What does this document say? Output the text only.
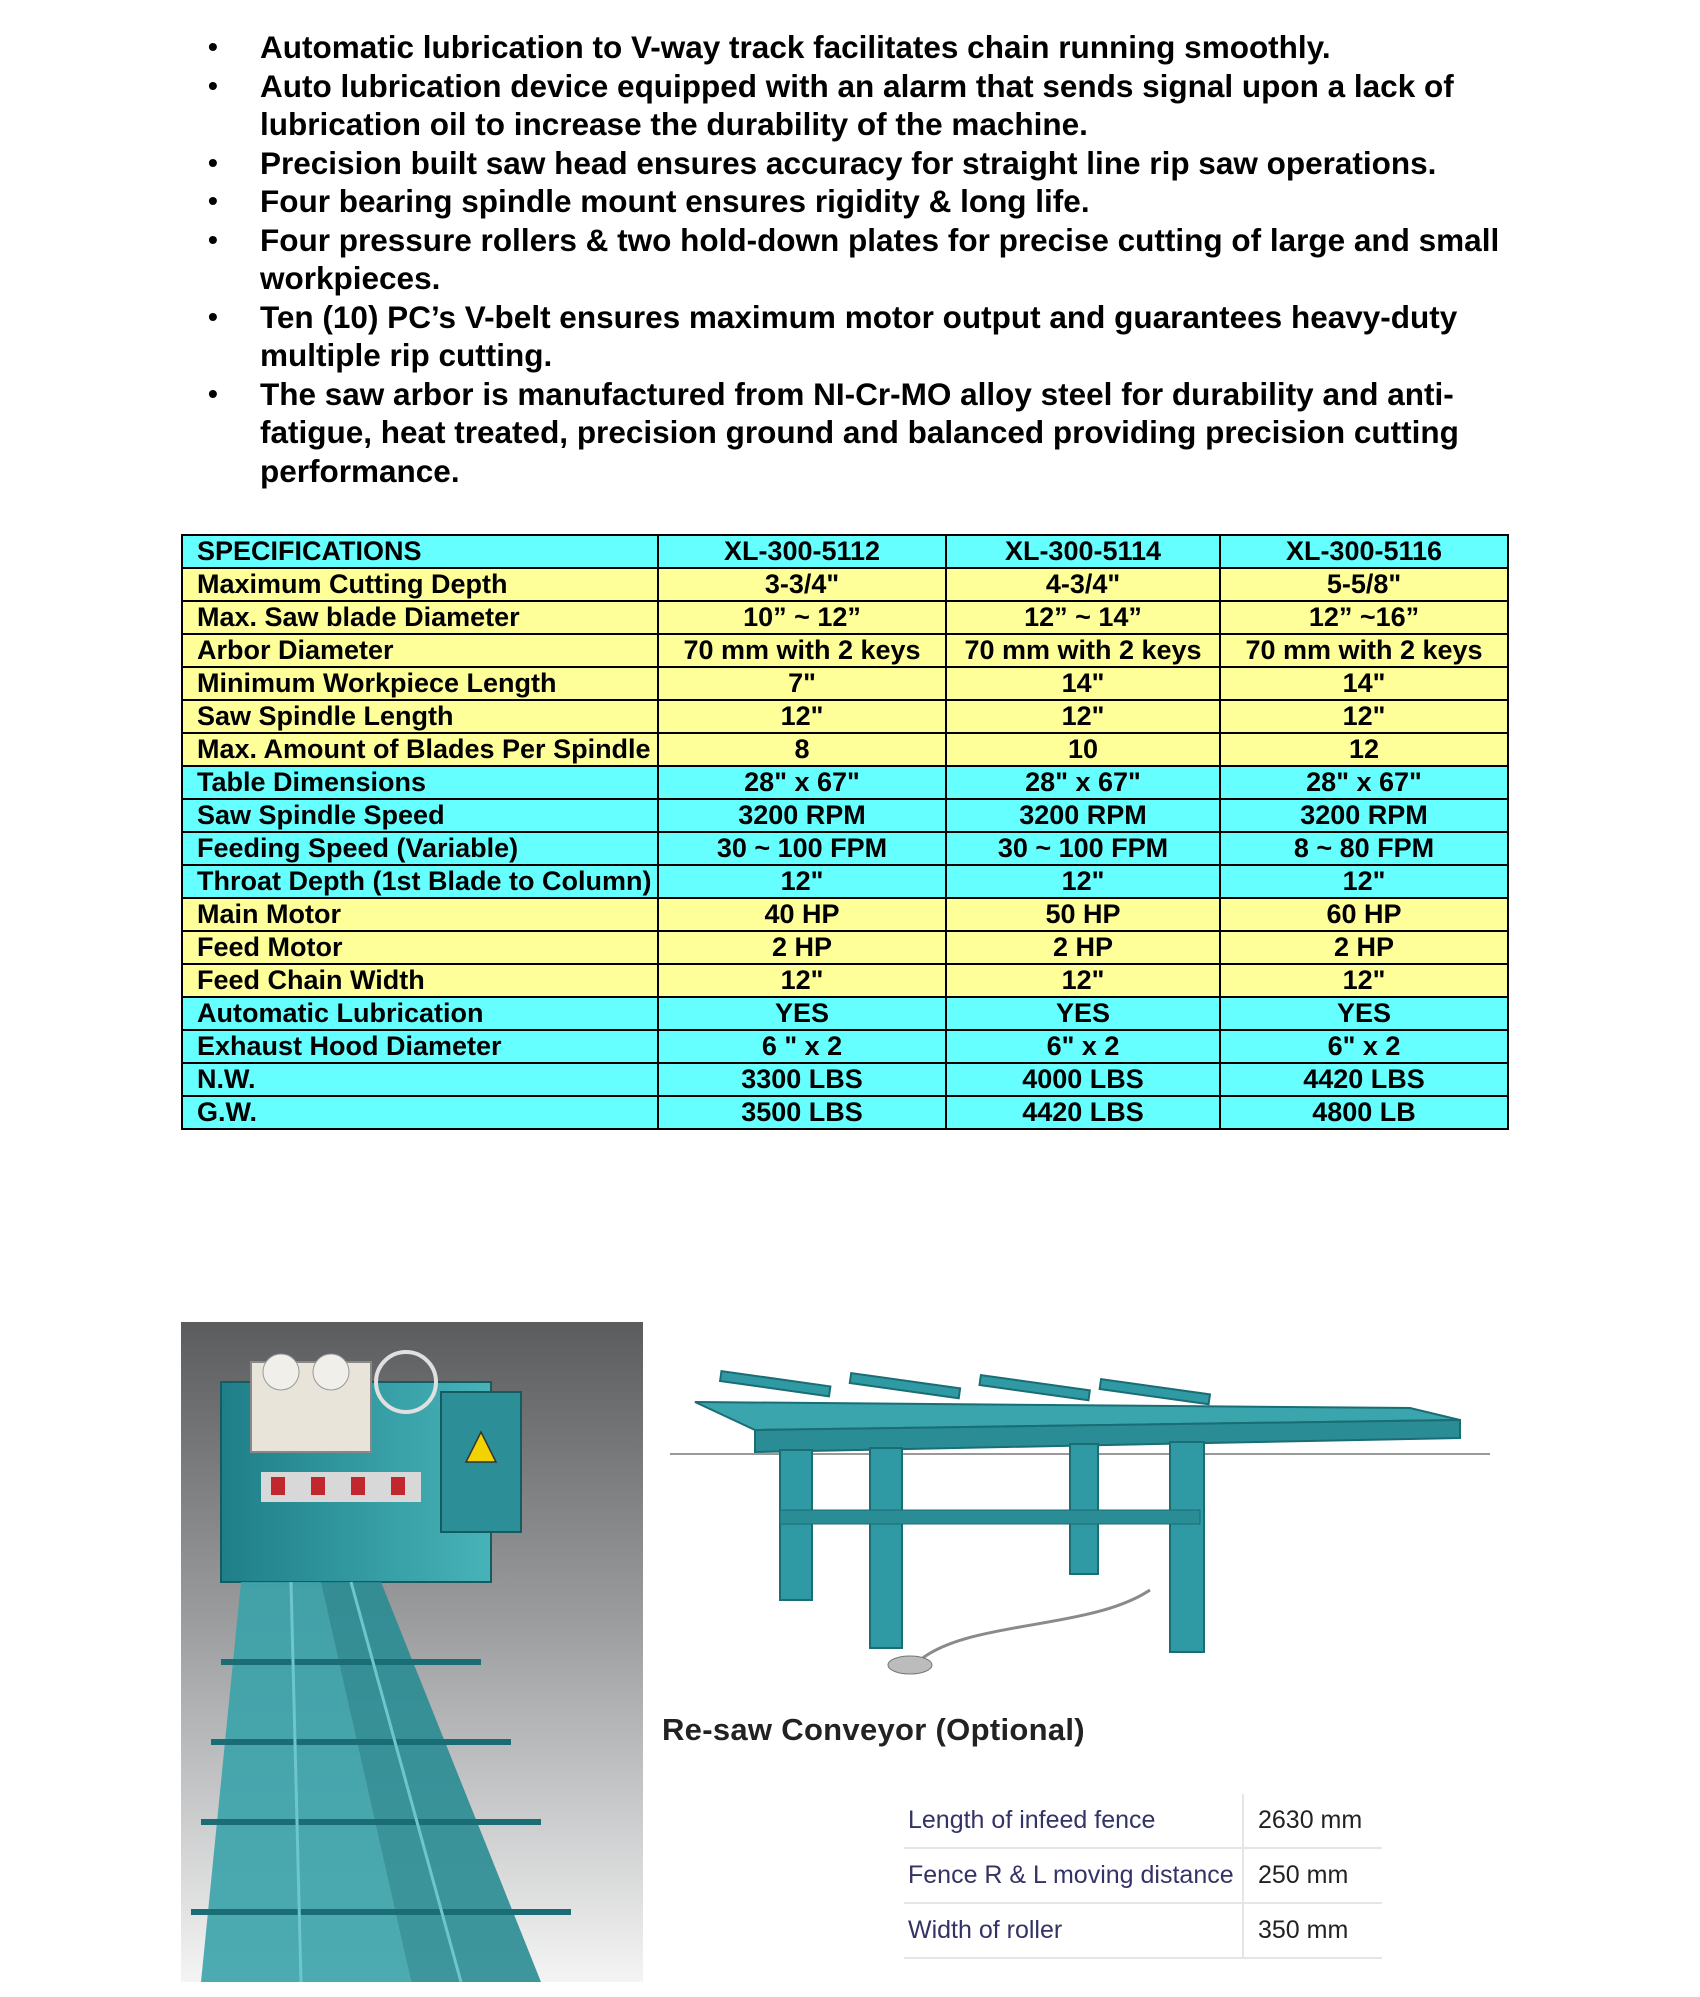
• Automatic lubrication to V-way track facilitates chain running smoothly.
• Auto lubrication device equipped with an alarm that sends signal upon a lack of lubrication oil to increase the durability of the machine.
• Precision built saw head ensures accuracy for straight line rip saw operations.
• Four bearing spindle mount ensures rigidity & long life.
• Four pressure rollers & two hold-down plates for precise cutting of large and small workpieces.
• Ten (10) PC’s V-belt ensures maximum motor output and guarantees heavy-duty multiple rip cutting.
• The saw arbor is manufactured from NI-Cr-MO alloy steel for durability and anti-fatigue, heat treated, precision ground and balanced providing precision cutting performance.
SPECIFICATIONS	XL-300-5112	XL-300-5114	XL-300-5116
Maximum Cutting Depth	3-3/4"	4-3/4"	5-5/8"
Max. Saw blade Diameter	10” ~ 12”	12” ~ 14”	12” ~16”
Arbor Diameter	70 mm with 2 keys	70 mm with 2 keys	70 mm with 2 keys
Minimum Workpiece Length	7"	14"	14"
Saw Spindle Length	12"	12"	12"
Max. Amount of Blades Per Spindle	8	10	12
Table Dimensions	28" x 67"	28" x 67"	28" x 67"
Saw Spindle Speed	3200 RPM	3200 RPM	3200 RPM
Feeding Speed (Variable)	30 ~ 100 FPM	30 ~ 100 FPM	8 ~ 80 FPM
Throat Depth (1st Blade to Column)	12"	12"	12"
Main Motor	40 HP	50 HP	60 HP
Feed Motor	2 HP	2 HP	2 HP
Feed Chain Width	12"	12"	12"
Automatic Lubrication	YES	YES	YES
Exhaust Hood Diameter	6 " x 2	6" x 2	6" x 2
N.W.	3300 LBS	4000 LBS	4420 LBS
G.W.	3500 LBS	4420 LBS	4800 LB
Re-saw Conveyor (Optional)
Length of infeed fence	2630 mm
Fence R & L moving distance	250 mm
Width of roller	350 mm
